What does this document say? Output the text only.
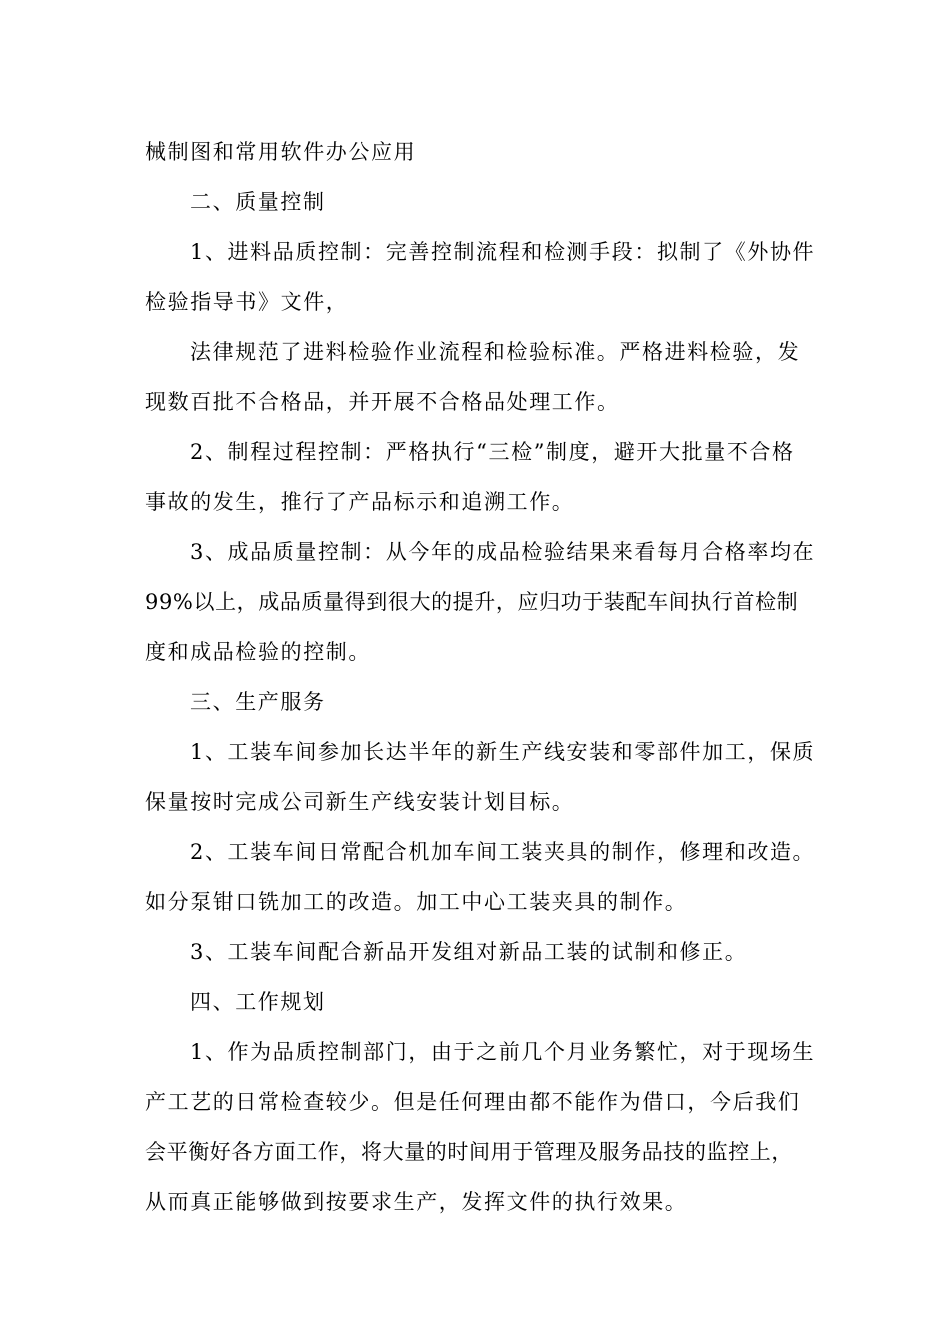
械制图和常用软件办公应用
二、质量控制
1、进料品质控制：完善控制流程和检测手段：拟制了《外协件
检验指导书》文件，
法律规范了进料检验作业流程和检验标准。严格进料检验，发
现数百批不合格品，并开展不合格品处理工作。
2、制程过程控制：严格执行“三检”制度，避开大批量不合格
事故的发生，推行了产品标示和追溯工作。
3、成品质量控制：从今年的成品检验结果来看每月合格率均在
99%以上，成品质量得到很大的提升，应归功于装配车间执行首检制
度和成品检验的控制。
三、生产服务
1、工装车间参加长达半年的新生产线安装和零部件加工，保质
保量按时完成公司新生产线安装计划目标。
2、工装车间日常配合机加车间工装夹具的制作，修理和改造。
如分泵钳口铣加工的改造。加工中心工装夹具的制作。
3、工装车间配合新品开发组对新品工装的试制和修正。
四、工作规划
1、作为品质控制部门，由于之前几个月业务繁忙，对于现场生
产工艺的日常检查较少。但是任何理由都不能作为借口，今后我们
会平衡好各方面工作，将大量的时间用于管理及服务品技的监控上，
从而真正能够做到按要求生产，发挥文件的执行效果。
